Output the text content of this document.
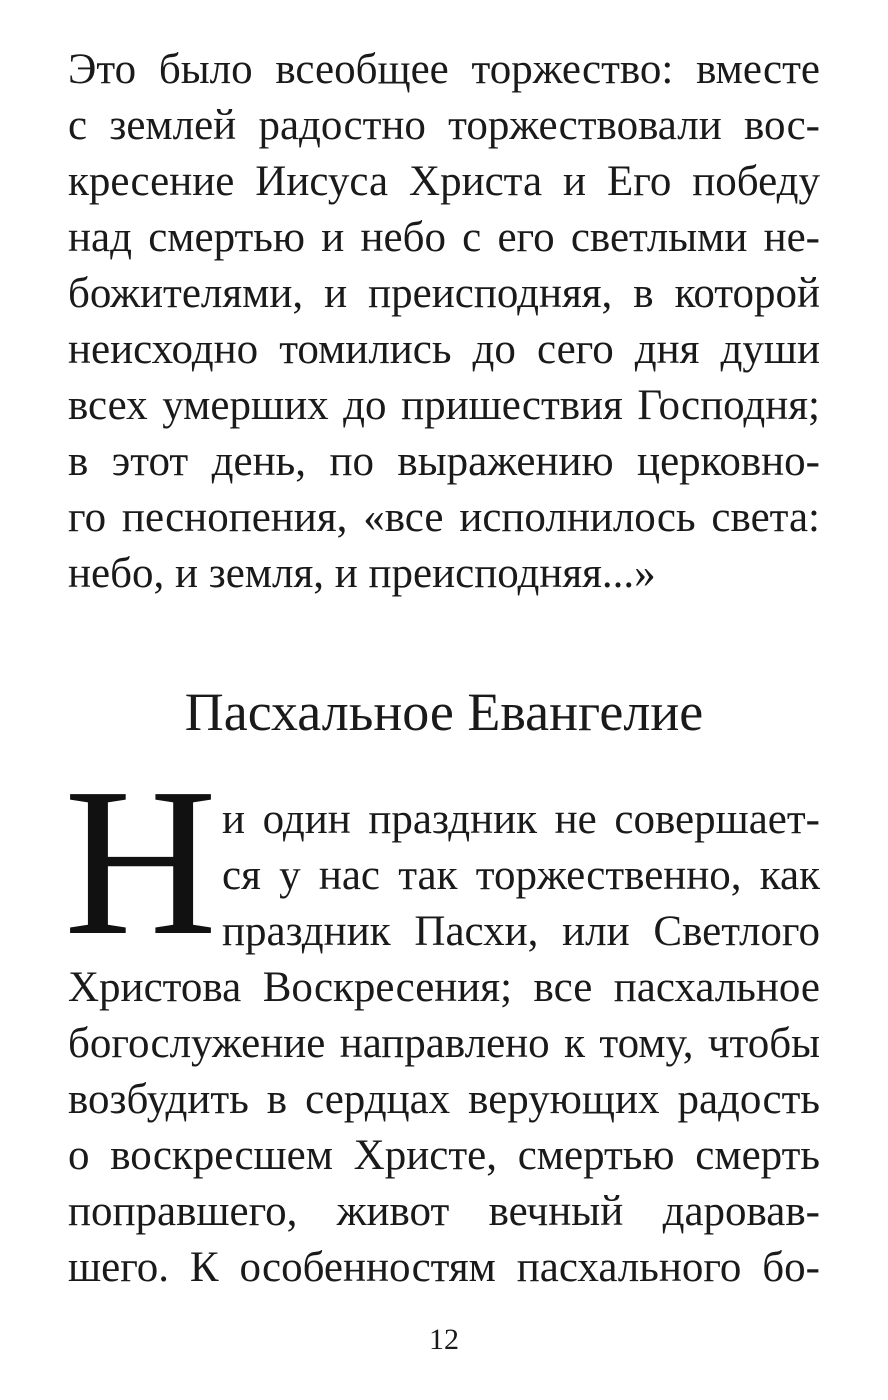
Это было всеобщее торжество: вместе
с землей радостно торжествовали вос-
кресение Иисуса Христа и Его победу
над смертью и небо с его светлыми не-
божителями, и преисподняя, в которой
неисходно томились до сего дня души
всех умерших до пришествия Господня;
в этот день, по выражению церковно-
го песнопения, «все исполнилось света:
небо, и земля, и преисподняя...»
Пасхальное Евангелие
Н и один праздник не совершает-
ся у нас так торжественно, как
праздник Пасхи, или Светлого
Христова Воскресения; все пасхальное
богослужение направлено к тому, чтобы
возбудить в сердцах верующих радость
о воскресшем Христе, смертью смерть
поправшего, живот вечный даровав-
шего. К особенностям пасхального бо-
12
